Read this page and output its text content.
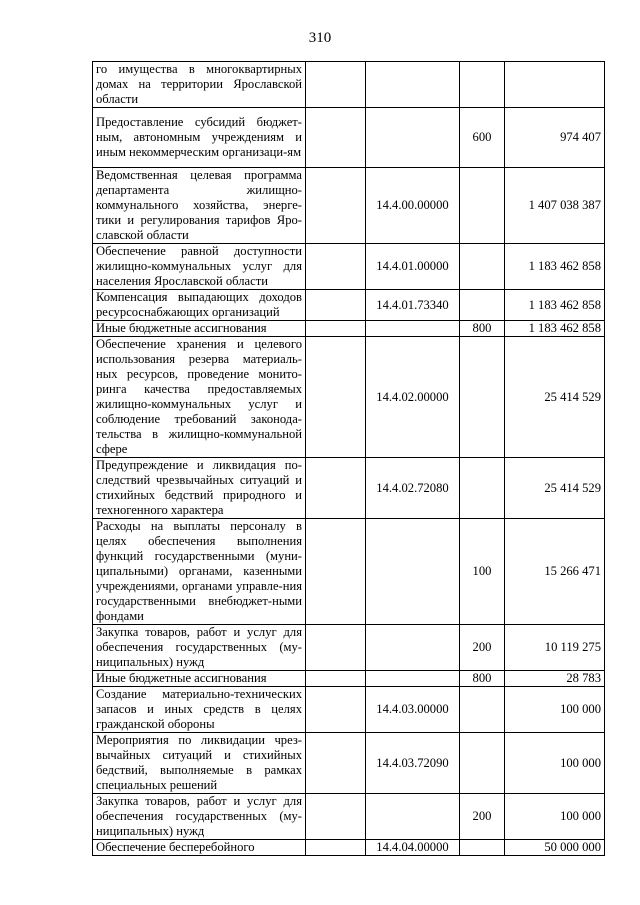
310
го имущества в многоквартирных домах на территории Ярославской области				
Предоставление субсидий бюджет-ным, автономным учреждениям и иным некоммерческим организаци-ям			600	974 407
Ведомственная целевая программа департамента жилищно-коммунального хозяйства, энерге-тики и регулирования тарифов Яро-славской области		14.4.00.00000		1 407 038 387
Обеспечение равной доступности жилищно-коммунальных услуг для населения Ярославской области		14.4.01.00000		1 183 462 858
Компенсация выпадающих доходов ресурсоснабжающих организаций		14.4.01.73340		1 183 462 858
Иные бюджетные ассигнования			800	1 183 462 858
Обеспечение хранения и целевого использования резерва материаль-ных ресурсов, проведение монито-ринга качества предоставляемых жилищно-коммунальных услуг и соблюдение требований законода-тельства в жилищно-коммунальной сфере		14.4.02.00000		25 414 529
Предупреждение и ликвидация по-следствий чрезвычайных ситуаций и стихийных бедствий природного и техногенного характера		14.4.02.72080		25 414 529
Расходы на выплаты персоналу в целях обеспечения выполнения функций государственными (муни-ципальными) органами, казенными учреждениями, органами управле-ния государственными внебюджет-ными фондами			100	15 266 471
Закупка товаров, работ и услуг для обеспечения государственных (му-ниципальных) нужд			200	10 119 275
Иные бюджетные ассигнования			800	28 783
Создание материально-технических запасов и иных средств в целях гражданской обороны		14.4.03.00000		100 000
Мероприятия по ликвидации чрез-вычайных ситуаций и стихийных бедствий, выполняемые в рамках специальных решений		14.4.03.72090		100 000
Закупка товаров, работ и услуг для обеспечения государственных (му-ниципальных) нужд			200	100 000
Обеспечение бесперебойного		14.4.04.00000		50 000 000
